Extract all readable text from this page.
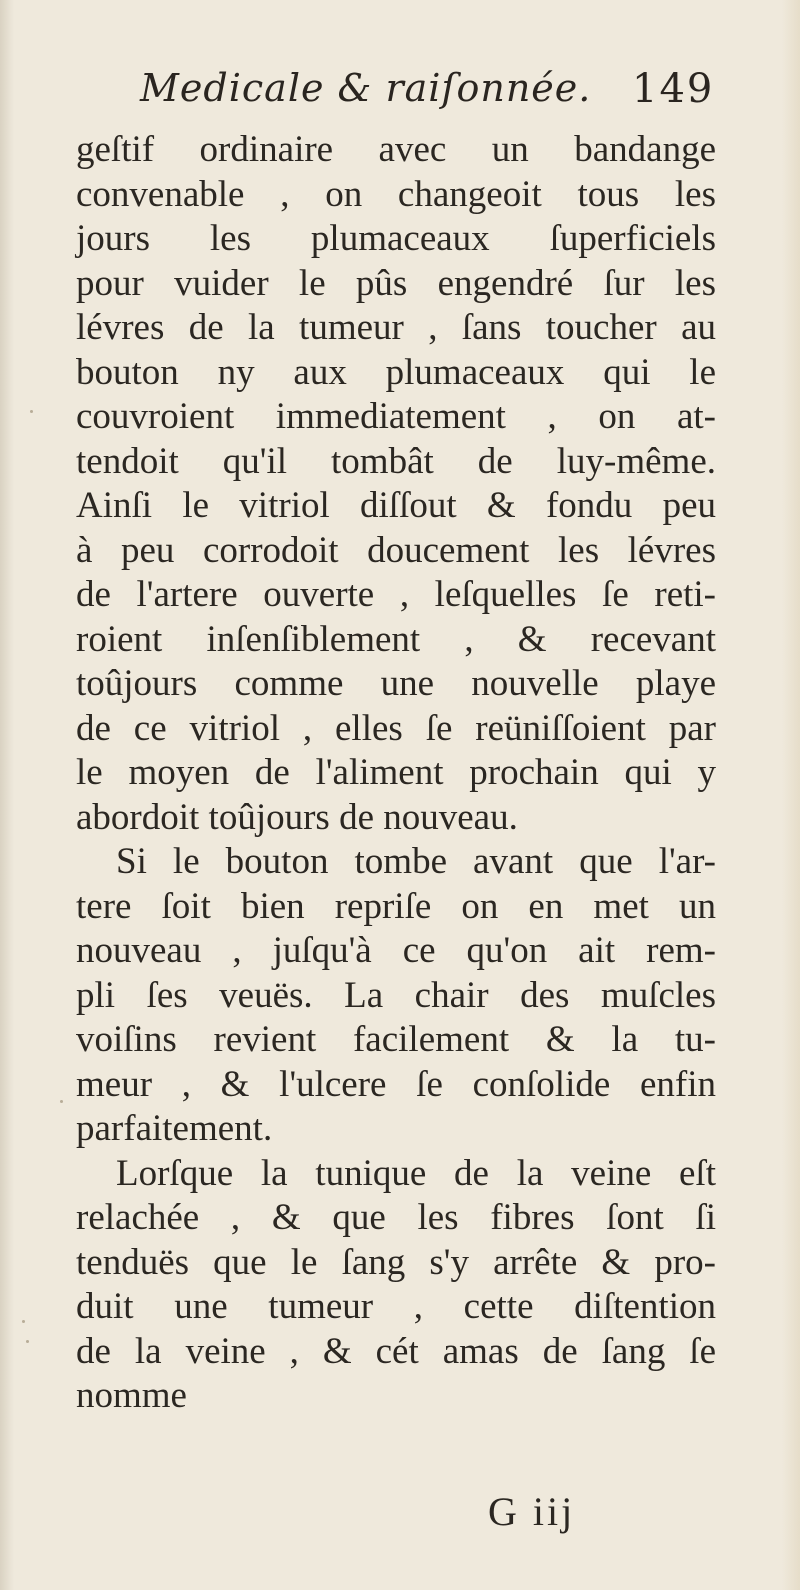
Medicale & raiſonnée. 149
geſtif ordinaire avec un bandange
convenable , on changeoit tous les
jours les plumaceaux ſuperficiels
pour vuider le pûs engendré ſur les
lévres de la tumeur , ſans toucher au
bouton ny aux plumaceaux qui le
couvroient immediatement , on at-
tendoit qu'il tombât de luy-même.
Ainſi le vitriol diſſout & fondu peu
à peu corrodoit doucement les lévres
de l'artere ouverte , leſquelles ſe reti-
roient inſenſiblement , & recevant
toûjours comme une nouvelle playe
de ce vitriol , elles ſe reüniſſoient par
le moyen de l'aliment prochain qui y
abordoit toûjours de nouveau.
Si le bouton tombe avant que l'ar-
tere ſoit bien repriſe on en met un
nouveau , juſqu'à ce qu'on ait rem-
pli ſes veuës. La chair des muſcles
voiſins revient facilement & la tu-
meur , & l'ulcere ſe conſolide enfin
parfaitement.
Lorſque la tunique de la veine eſt
relachée , & que les fibres ſont ſi
tenduës que le ſang s'y arrête & pro-
duit une tumeur , cette diſtention
de la veine , & cét amas de ſang ſe
nomme
G iij
